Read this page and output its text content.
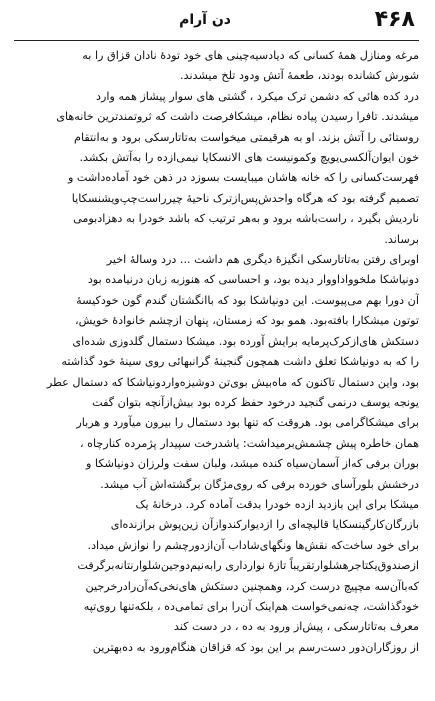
۴۶۸
دن آرام
مرغه ومنازل همهٔ کسانی که دیادسیه‌چینی های خود تودهٔ نادان قزاق را به
شورش کشانده بودند، طعمهٔ آتش ودود تلخ میشدند.
درد کده هائی که دشمن ترک میکرد ، گشتی های سوار پیشاز همه وارد
میشدند. تافرا رسیدن پیاده نظام، میشکافرصت داشت که ثروتمندترین خانه‌های
روستائی را آتش بزند. او به هرقیمتی میخواست به‌تاتارسکی برود و به‌انتقام
خون ایوان‌آلکسی‌یویچ وکمونیست های الانسکایا نیمی‌ازده را به‌آتش بکشد.
فهرست‌کسانی را که خانه هاشان میبایست بسوزد در ذهن خود آماده‌داشت و
تصمیم گرفته بود که هرگاه واحدش‌پس‌ازترک ناحیهٔ چیرراست‌چپ‌ویشنسکایا
ناردیش بگیرد ، راست‌باشه برود و به‌هر ترتیب که باشد خودرا به دهزادبومی
برساند.
اوبرای رفتن به‌تاتارسکی انگیزهٔ دیگری هم داشت ... درد وسالهٔ اخیر
دونیاشکا ملخوواداووار دیده بود، و احساسی که هنوزبه زبان درنیامده بود
آن دورا بهم می‌پیوست. این دونیاشکا بود که باانگشتان گندم گون خودکیسهٔ
توتون میشکارا بافته‌بود. همو بود که زمستان، پنهان ازچشم خانوادهٔ خویش،
دستکش های‌ازکرک‌پرمایه برایش آورده بود. میشکا دستمال گلدوزی شده‌ای
را که به دونیاشکا تعلق داشت همچون گنجینهٔ گرانبهائی روی سینهٔ خود گذاشته
بود، واین دستمال تاکنون که ماه‌بیش بوی‌تن دوشیزه‌واردونیاشکا که دستمال عطر
یونجه یوسف درنمی گنجید درخود حفظ کرده بود بیش‌ازآنچه بتوان گفت
برای میشکاگرامی بود. هروقت که تنها بود دستمال را بیرون میآورد و هربار
همان خاطره پیش چشمش‌برمیداشت: یاشدرخت سپیدار پژمرده کنارچاه ،
بوران برفی که‌از آسمان‌سیاه کنده میشد، ولبان سفت ولرزان دونیاشکا و
درخشش بلورآسای خورده برفی که روی‌مژگان برگشته‌اش آب میشد.
میشکا برای این بازدید ازده خودرا بدقت آماده کرد. درخانهٔ یک
بازرگان‌کارگینسکایا قالیچه‌ای را ازدیوارکندو‌ازآن زین‌پوش برازنده‌ای
برای خود ساخت‌که نقش‌ها ونگهای‌شاداب آن‌ازدورچشم را نوازش میداد.
ازصندوق‌یکتاجرهشلوارتقریباً تازهٔ نوارداری رابه‌نیم‌دوجین‌شلوارنتانه‌برگرفت
که‌با‌آن‌سه مچپیچ درست کرد، وهمچنین دستکش های‌نخی‌که‌آن‌رادرخرجین
خود‌گذاشت، چه‌نمی‌خواست هم‌اینک آن‌را برای تمامی‌ده ، بلکه‌تنها روی‌تپه
معرف به‌تاتارسکی ، پیش‌از ورود به ده ، در دست کند
از روزگاران‌دور دست‌رسم بر این بود که قزاقان هنگام‌ورود به ده‌بهترین
